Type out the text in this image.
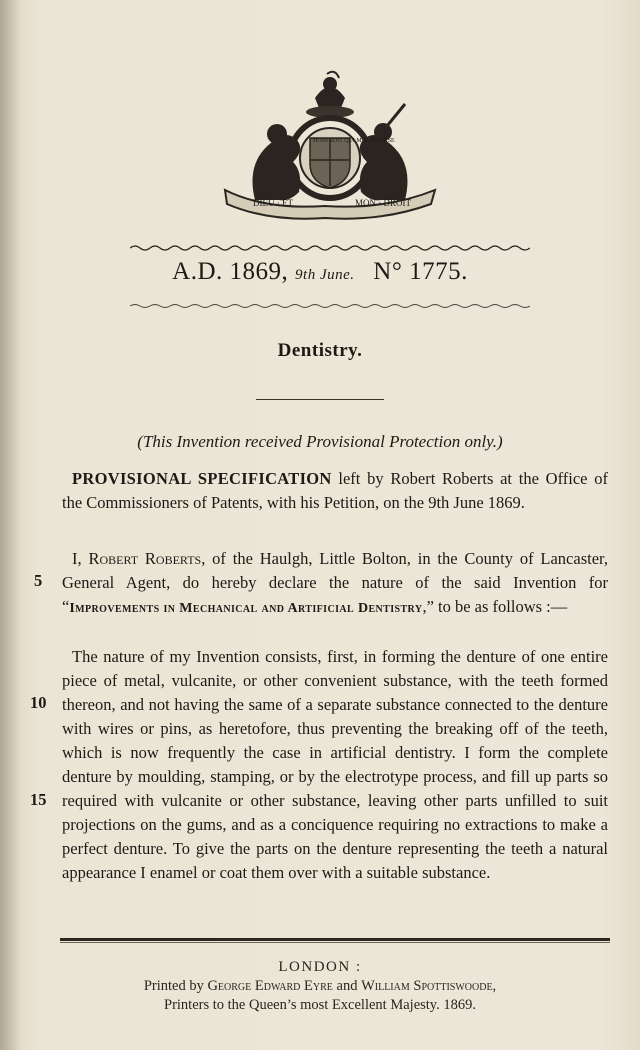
DIEU · ET	MON · DROIT
HONI SOIT QUI MAL Y PENSE
A.D. 1869, 9th June. N° 1775.
Dentistry.
(This Invention received Provisional Protection only.)
PROVISIONAL SPECIFICATION left by Robert Roberts at the Office of the Commissioners of Patents, with his Petition, on the 9th June 1869.
I, Robert Roberts, of the Haulgh, Little Bolton, in the County of Lancaster, General Agent, do hereby declare the nature of the said Invention for “Improvements in Mechanical and Artificial Dentistry,” to be as follows :—
The nature of my Invention consists, first, in forming the denture of one entire piece of metal, vulcanite, or other convenient substance, with the teeth formed thereon, and not having the same of a separate substance connected to the denture with wires or pins, as heretofore, thus preventing the breaking off of the teeth, which is now frequently the case in artificial dentistry. I form the complete denture by moulding, stamping, or by the electrotype process, and fill up parts so required with vulcanite or other substance, leaving other parts unfilled to suit projections on the gums, and as a conciquence requiring no extractions to make a perfect denture. To give the parts on the denture representing the teeth a natural appearance I enamel or coat them over with a suitable substance.
5
10
15
LONDON :
Printed by George Edward Eyre and William Spottiswoode,
Printers to the Queen’s most Excellent Majesty. 1869.
